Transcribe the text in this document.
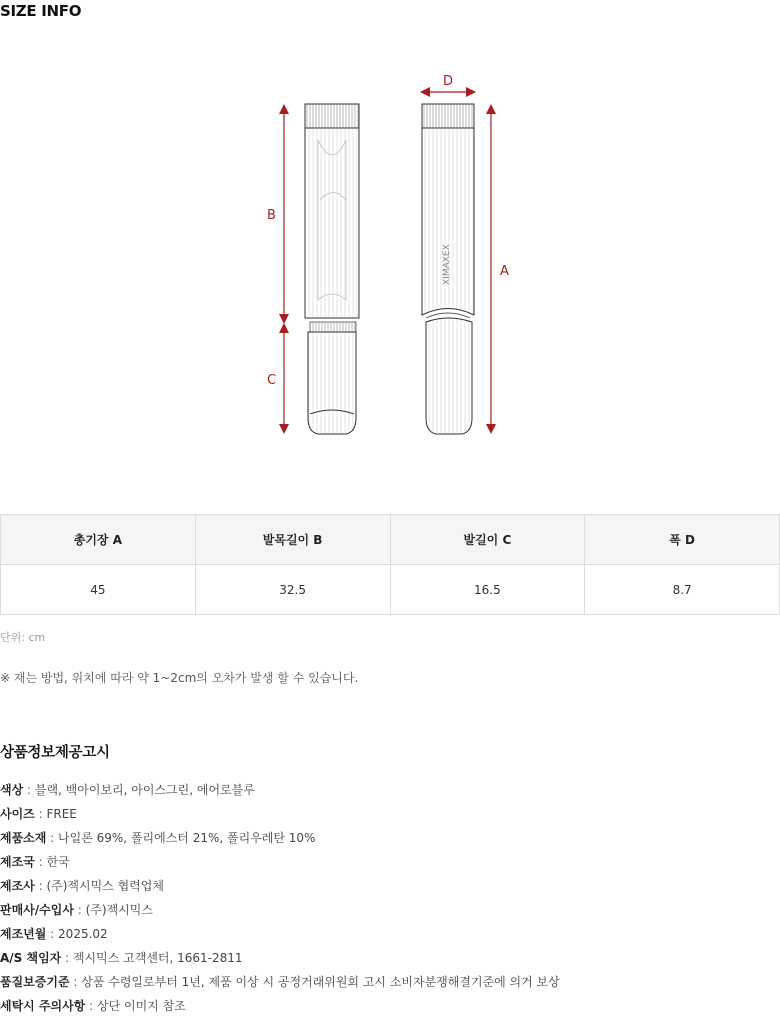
SIZE INFO
XIMAXEX
B
C
A
D
총기장 A	발목길이 B	발길이 C	폭 D
45	32.5	16.5	8.7
단위: cm
※ 재는 방법, 위치에 따라 약 1~2cm의 오차가 발생 할 수 있습니다.
상품정보제공고시
색상 : 블랙, 백아이보리, 아이스그린, 에어로블루
사이즈 : FREE
제품소재 : 나일론 69%, 폴리에스터 21%, 폴리우레탄 10%
제조국 : 한국
제조사 : (주)젝시믹스 협력업체
판매사/수입사 : (주)젝시믹스
제조년월 : 2025.02
A/S 책임자 : 젝시믹스 고객센터, 1661-2811
품질보증기준 : 상품 수령일로부터 1년, 제품 이상 시 공정거래위원회 고시 소비자분쟁해결기준에 의거 보상
세탁시 주의사항 : 상단 이미지 참조
